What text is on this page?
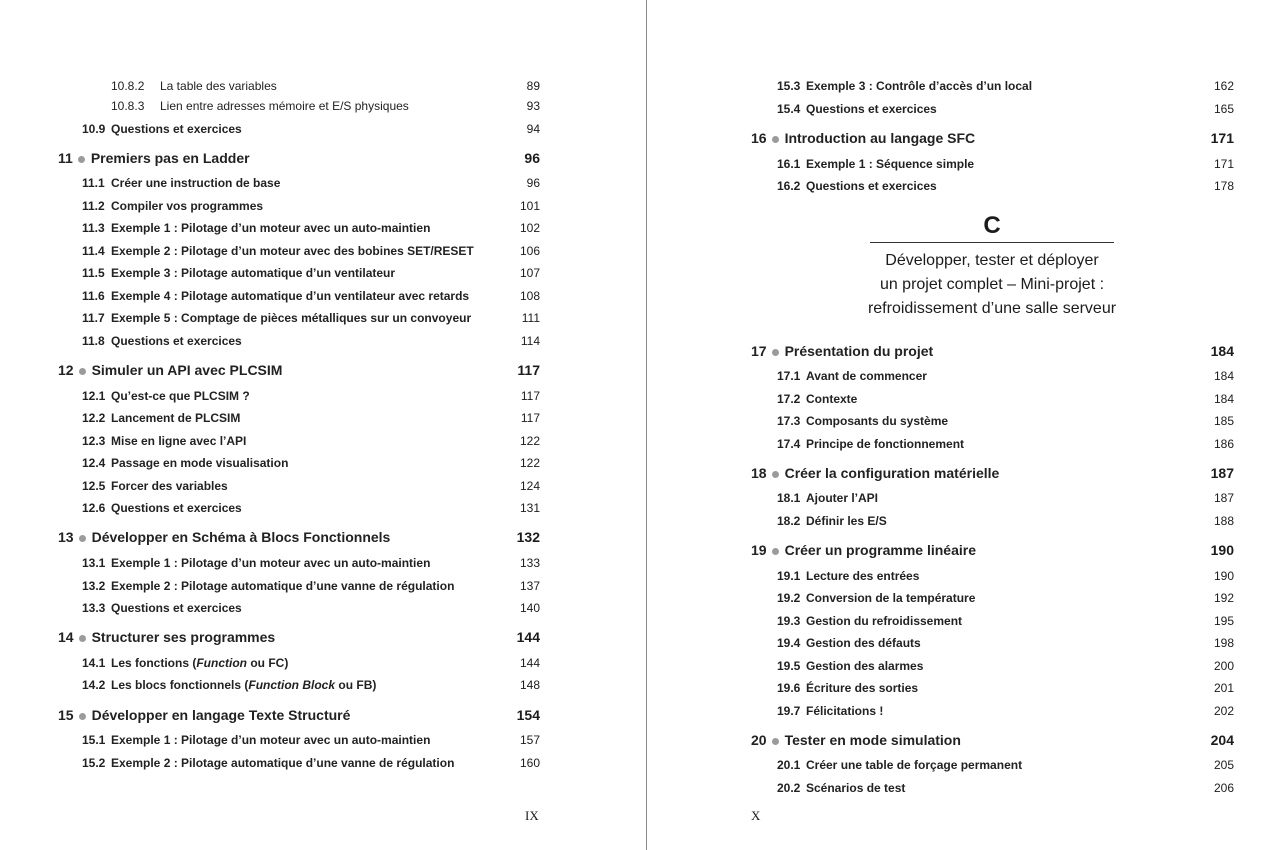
10.8.2	La table des variables	89
10.8.3	Lien entre adresses mémoire et E/S physiques	93
10.9 Questions et exercices	94
11 Premiers pas en Ladder	96
11.1 Créer une instruction de base	96
11.2 Compiler vos programmes	101
11.3 Exemple 1 : Pilotage d’un moteur avec un auto-maintien	102
11.4 Exemple 2 : Pilotage d’un moteur avec des bobines SET/RESET	106
11.5 Exemple 3 : Pilotage automatique d’un ventilateur	107
11.6 Exemple 4 : Pilotage automatique d’un ventilateur avec retards	108
11.7 Exemple 5 : Comptage de pièces métalliques sur un convoyeur	111
11.8 Questions et exercices	114
12 Simuler un API avec PLCSIM	117
12.1 Qu’est-ce que PLCSIM ?	117
12.2 Lancement de PLCSIM	117
12.3 Mise en ligne avec l’API	122
12.4 Passage en mode visualisation	122
12.5 Forcer des variables	124
12.6 Questions et exercices	131
13 Développer en Schéma à Blocs Fonctionnels	132
13.1 Exemple 1 : Pilotage d’un moteur avec un auto-maintien	133
13.2 Exemple 2 : Pilotage automatique d’une vanne de régulation	137
13.3 Questions et exercices	140
14 Structurer ses programmes	144
14.1 Les fonctions (Function ou FC)	144
14.2 Les blocs fonctionnels (Function Block ou FB)	148
15 Développer en langage Texte Structuré	154
15.1 Exemple 1 : Pilotage d’un moteur avec un auto-maintien	157
15.2 Exemple 2 : Pilotage automatique d’une vanne de régulation	160
C
Développer, tester et déployer
un projet complet – Mini-projet :
refroidissement d’une salle serveur
15.3 Exemple 3 : Contrôle d’accès d’un local	162
15.4 Questions et exercices	165
16 Introduction au langage SFC	171
16.1 Exemple 1 : Séquence simple	171
16.2 Questions et exercices	178
17 Présentation du projet	184
17.1 Avant de commencer	184
17.2 Contexte	184
17.3 Composants du système	185
17.4 Principe de fonctionnement	186
18 Créer la configuration matérielle	187
18.1 Ajouter l’API	187
18.2 Définir les E/S	188
19 Créer un programme linéaire	190
19.1 Lecture des entrées	190
19.2 Conversion de la température	192
19.3 Gestion du refroidissement	195
19.4 Gestion des défauts	198
19.5 Gestion des alarmes	200
19.6 Écriture des sorties	201
19.7 Félicitations !	202
20 Tester en mode simulation	204
20.1 Créer une table de forçage permanent	205
20.2 Scénarios de test	206
IX	X
